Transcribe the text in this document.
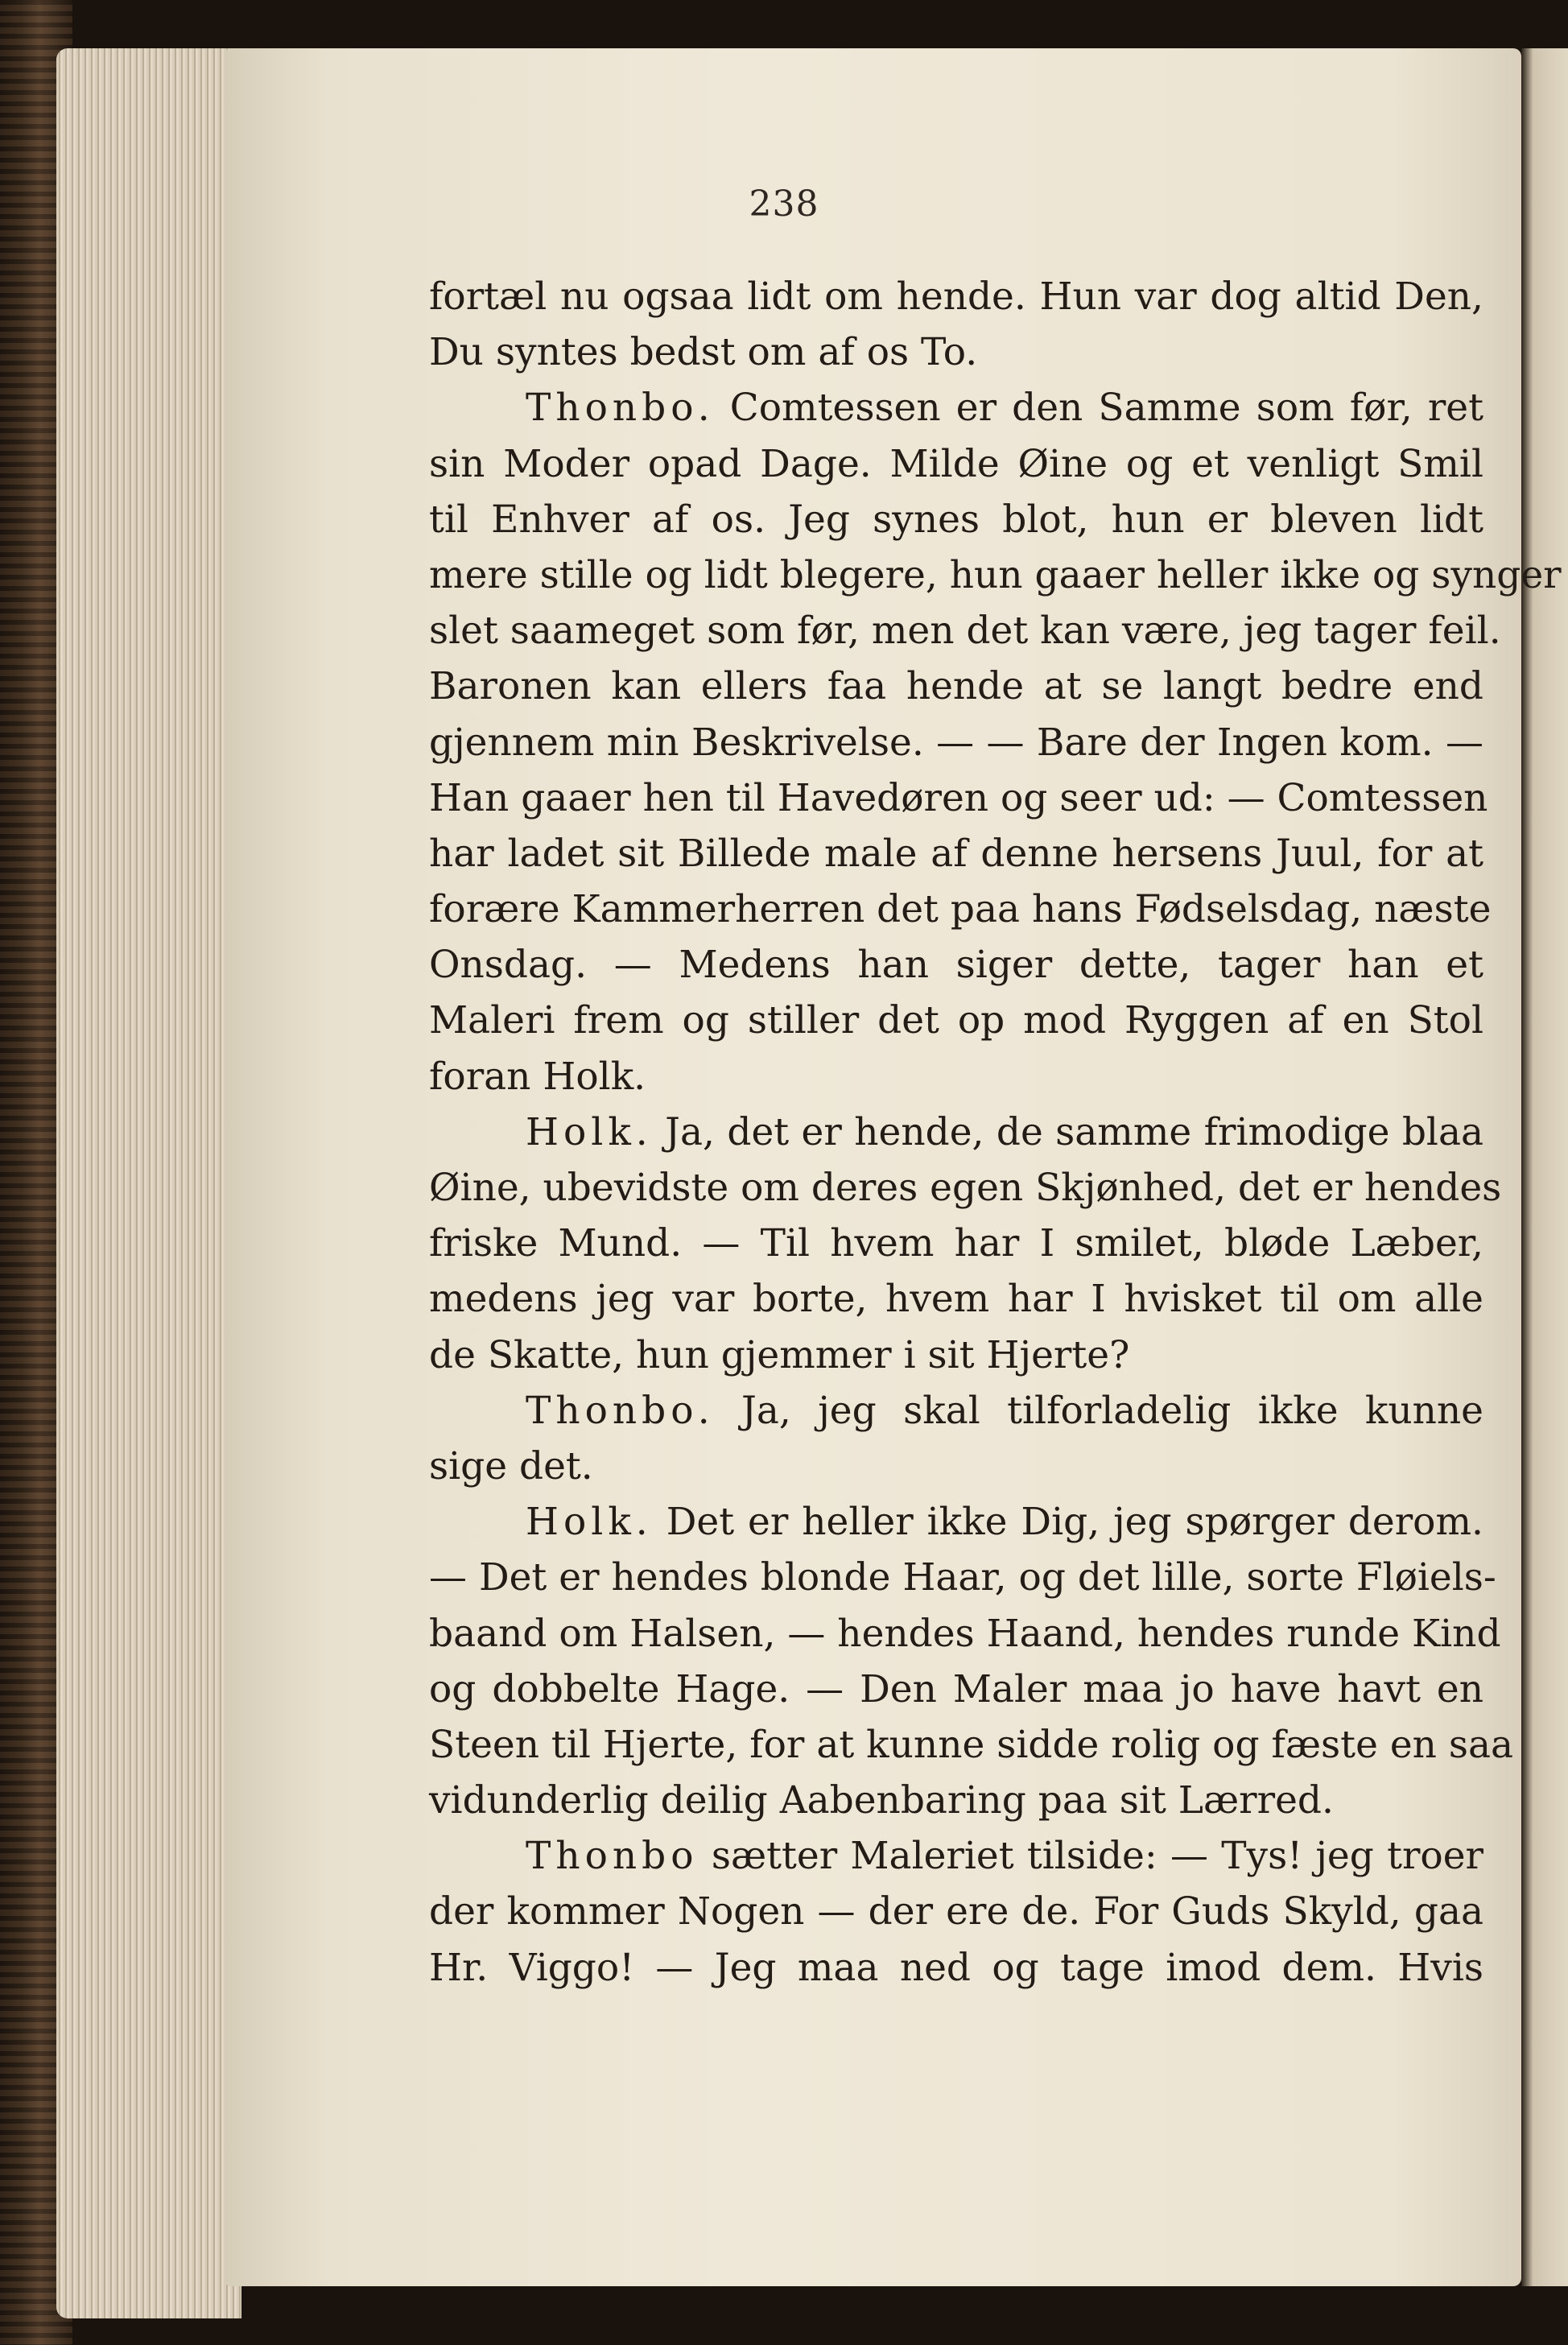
238
fortæl nu ogsaa lidt om hende. Hun var dog altid Den,
Du syntes bedst om af os To.
Thonbo. Comtessen er den Samme som før, ret
sin Moder opad Dage. Milde Øine og et venligt Smil
til Enhver af os. Jeg synes blot, hun er bleven lidt
mere stille og lidt blegere, hun gaaer heller ikke og synger
slet saameget som før, men det kan være, jeg tager feil.
Baronen kan ellers faa hende at se langt bedre end
gjennem min Beskrivelse. — — Bare der Ingen kom. —
Han gaaer hen til Havedøren og seer ud: — Comtessen
har ladet sit Billede male af denne hersens Juul, for at
forære Kammerherren det paa hans Fødselsdag, næste
Onsdag. — Medens han siger dette, tager han et
Maleri frem og stiller det op mod Ryggen af en Stol
foran Holk.
Holk. Ja, det er hende, de samme frimodige blaa
Øine, ubevidste om deres egen Skjønhed, det er hendes
friske Mund. — Til hvem har I smilet, bløde Læber,
medens jeg var borte, hvem har I hvisket til om alle
de Skatte, hun gjemmer i sit Hjerte?
Thonbo. Ja, jeg skal tilforladelig ikke kunne
sige det.
Holk. Det er heller ikke Dig, jeg spørger derom.
— Det er hendes blonde Haar, og det lille, sorte Fløiels-
baand om Halsen, — hendes Haand, hendes runde Kind
og dobbelte Hage. — Den Maler maa jo have havt en
Steen til Hjerte, for at kunne sidde rolig og fæste en saa
vidunderlig deilig Aabenbaring paa sit Lærred.
Thonbo sætter Maleriet tilside: — Tys! jeg troer
der kommer Nogen — der ere de. For Guds Skyld, gaa
Hr. Viggo! — Jeg maa ned og tage imod dem. Hvis
